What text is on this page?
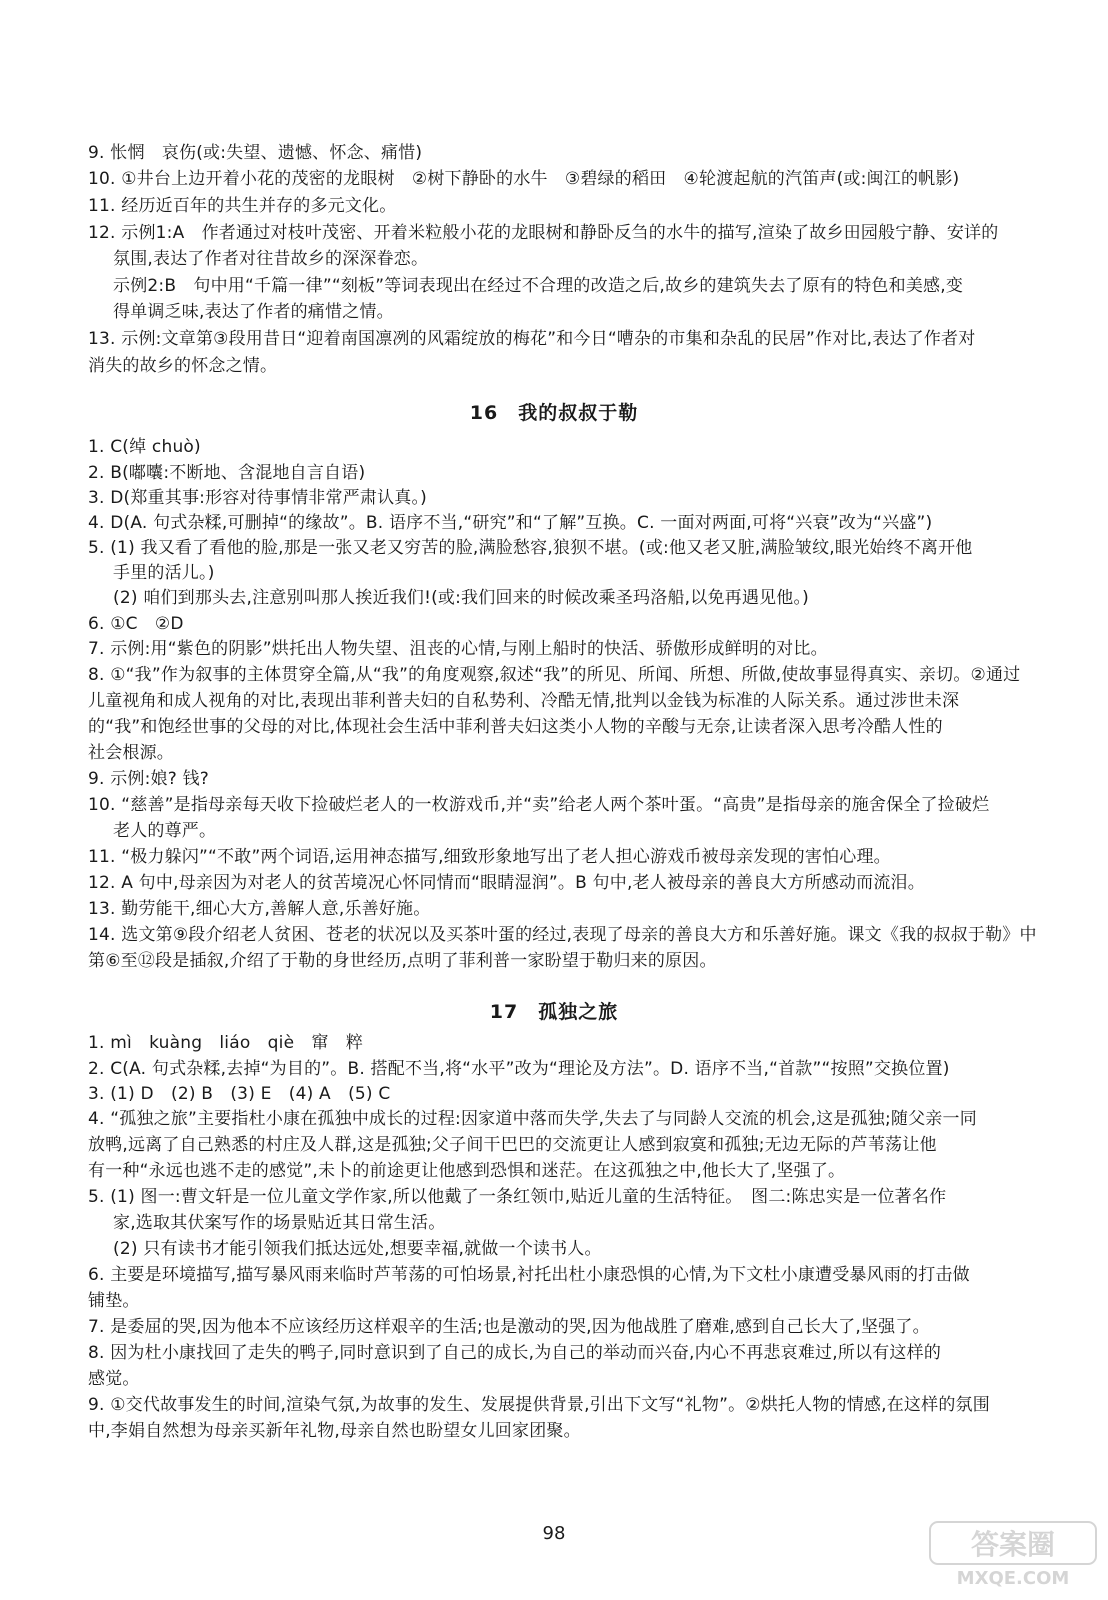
9. 怅惘　哀伤(或:失望、遗憾、怀念、痛惜)
10. ①井台上边开着小花的茂密的龙眼树　②树下静卧的水牛　③碧绿的稻田　④轮渡起航的汽笛声(或:闽江的帆影)
11. 经历近百年的共生并存的多元文化。
12. 示例1:A　作者通过对枝叶茂密、开着米粒般小花的龙眼树和静卧反刍的水牛的描写,渲染了故乡田园般宁静、安详的
氛围,表达了作者对往昔故乡的深深眷恋。
示例2:B　句中用“千篇一律”“刻板”等词表现出在经过不合理的改造之后,故乡的建筑失去了原有的特色和美感,变
得单调乏味,表达了作者的痛惜之情。
13. 示例:文章第③段用昔日“迎着南国凛冽的风霜绽放的梅花”和今日“嘈杂的市集和杂乱的民居”作对比,表达了作者对
消失的故乡的怀念之情。
16　我的叔叔于勒
1. C(绰 chuò)
2. B(嘟囔:不断地、含混地自言自语)
3. D(郑重其事:形容对待事情非常严肃认真。)
4. D(A. 句式杂糅,可删掉“的缘故”。B. 语序不当,“研究”和“了解”互换。C. 一面对两面,可将“兴衰”改为“兴盛”)
5. (1) 我又看了看他的脸,那是一张又老又穷苦的脸,满脸愁容,狼狈不堪。(或:他又老又脏,满脸皱纹,眼光始终不离开他
手里的活儿。)
(2) 咱们到那头去,注意别叫那人挨近我们!(或:我们回来的时候改乘圣玛洛船,以免再遇见他。)
6. ①C　②D
7. 示例:用“紫色的阴影”烘托出人物失望、沮丧的心情,与刚上船时的快活、骄傲形成鲜明的对比。
8. ①“我”作为叙事的主体贯穿全篇,从“我”的角度观察,叙述“我”的所见、所闻、所想、所做,使故事显得真实、亲切。②通过
儿童视角和成人视角的对比,表现出菲利普夫妇的自私势利、冷酷无情,批判以金钱为标准的人际关系。通过涉世未深
的“我”和饱经世事的父母的对比,体现社会生活中菲利普夫妇这类小人物的辛酸与无奈,让读者深入思考冷酷人性的
社会根源。
9. 示例:娘? 钱?
10. “慈善”是指母亲每天收下捡破烂老人的一枚游戏币,并“卖”给老人两个茶叶蛋。“高贵”是指母亲的施舍保全了捡破烂
老人的尊严。
11. “极力躲闪”“不敢”两个词语,运用神态描写,细致形象地写出了老人担心游戏币被母亲发现的害怕心理。
12. A 句中,母亲因为对老人的贫苦境况心怀同情而“眼睛湿润”。B 句中,老人被母亲的善良大方所感动而流泪。
13. 勤劳能干,细心大方,善解人意,乐善好施。
14. 选文第⑨段介绍老人贫困、苍老的状况以及买茶叶蛋的经过,表现了母亲的善良大方和乐善好施。课文《我的叔叔于勒》中
第⑥至⑫段是插叙,介绍了于勒的身世经历,点明了菲利普一家盼望于勒归来的原因。
17　孤独之旅
1. mì　kuàng　liáo　qiè　窜　粹
2. C(A. 句式杂糅,去掉“为目的”。B. 搭配不当,将“水平”改为“理论及方法”。D. 语序不当,“首款”“按照”交换位置)
3. (1) D　(2) B　(3) E　(4) A　(5) C
4. “孤独之旅”主要指杜小康在孤独中成长的过程:因家道中落而失学,失去了与同龄人交流的机会,这是孤独;随父亲一同
放鸭,远离了自己熟悉的村庄及人群,这是孤独;父子间干巴巴的交流更让人感到寂寞和孤独;无边无际的芦苇荡让他
有一种“永远也逃不走的感觉”,未卜的前途更让他感到恐惧和迷茫。在这孤独之中,他长大了,坚强了。
5. (1) 图一:曹文轩是一位儿童文学作家,所以他戴了一条红领巾,贴近儿童的生活特征。　图二:陈忠实是一位著名作
家,选取其伏案写作的场景贴近其日常生活。
(2) 只有读书才能引领我们抵达远处,想要幸福,就做一个读书人。
6. 主要是环境描写,描写暴风雨来临时芦苇荡的可怕场景,衬托出杜小康恐惧的心情,为下文杜小康遭受暴风雨的打击做
铺垫。
7. 是委屈的哭,因为他本不应该经历这样艰辛的生活;也是激动的哭,因为他战胜了磨难,感到自己长大了,坚强了。
8. 因为杜小康找回了走失的鸭子,同时意识到了自己的成长,为自己的举动而兴奋,内心不再悲哀难过,所以有这样的
感觉。
9. ①交代故事发生的时间,渲染气氛,为故事的发生、发展提供背景,引出下文写“礼物”。②烘托人物的情感,在这样的氛围
中,李娟自然想为母亲买新年礼物,母亲自然也盼望女儿回家团聚。
98	答案圈
MXQE.COM
